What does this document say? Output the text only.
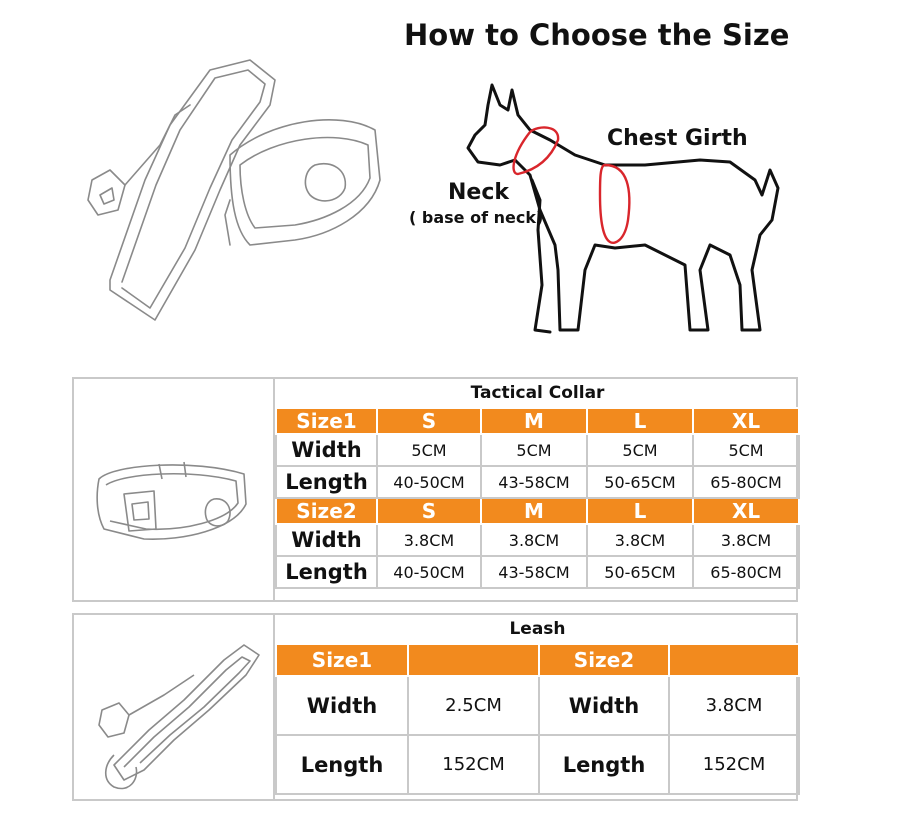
How to Choose the Size
Chest Girth
Neck
( base of neck)
Tactical Collar				
Size1	S	M	L	XL
Width	5CM	5CM	5CM	5CM
Length	40-50CM	43-58CM	50-65CM	65-80CM
Size2	S	M	L	XL
Width	3.8CM	3.8CM	3.8CM	3.8CM
Length	40-50CM	43-58CM	50-65CM	65-80CM
Leash			
Size1		Size2	
Width	2.5CM	Width	3.8CM
Length	152CM	Length	152CM
